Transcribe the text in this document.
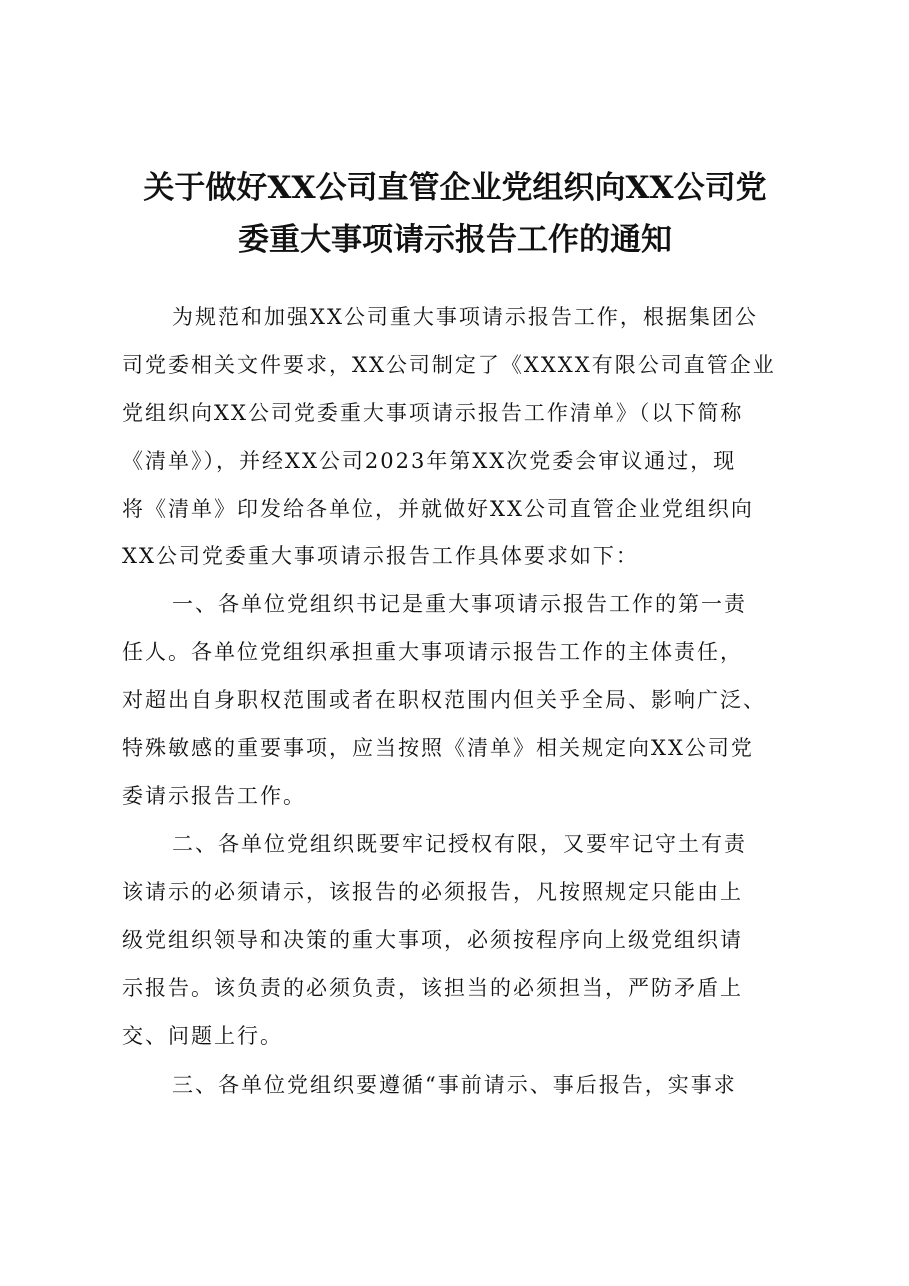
关于做好XX公司直管企业党组织向XX公司党
委重大事项请示报告工作的通知

为规范和加强XX公司重大事项请示报告工作，根据集团公

司党委相关文件要求，XX公司制定了《XXXX有限公司直管企业

党组织向XX公司党委重大事项请示报告工作清单》（以下简称

《清单》），并经XX公司2023年第XX次党委会审议通过，现

将《清单》印发给各单位，并就做好XX公司直管企业党组织向

XX公司党委重大事项请示报告工作具体要求如下：

一、各单位党组织书记是重大事项请示报告工作的第一责

任人。各单位党组织承担重大事项请示报告工作的主体责任，

对超出自身职权范围或者在职权范围内但关乎全局、影响广泛、

特殊敏感的重要事项，应当按照《清单》相关规定向XX公司党

委请示报告工作。

二、各单位党组织既要牢记授权有限，又要牢记守土有责

该请示的必须请示，该报告的必须报告，凡按照规定只能由上

级党组织领导和决策的重大事项，必须按程序向上级党组织请

示报告。该负责的必须负责，该担当的必须担当，严防矛盾上

交、问题上行。

三、各单位党组织要遵循“事前请示、事后报告，实事求
